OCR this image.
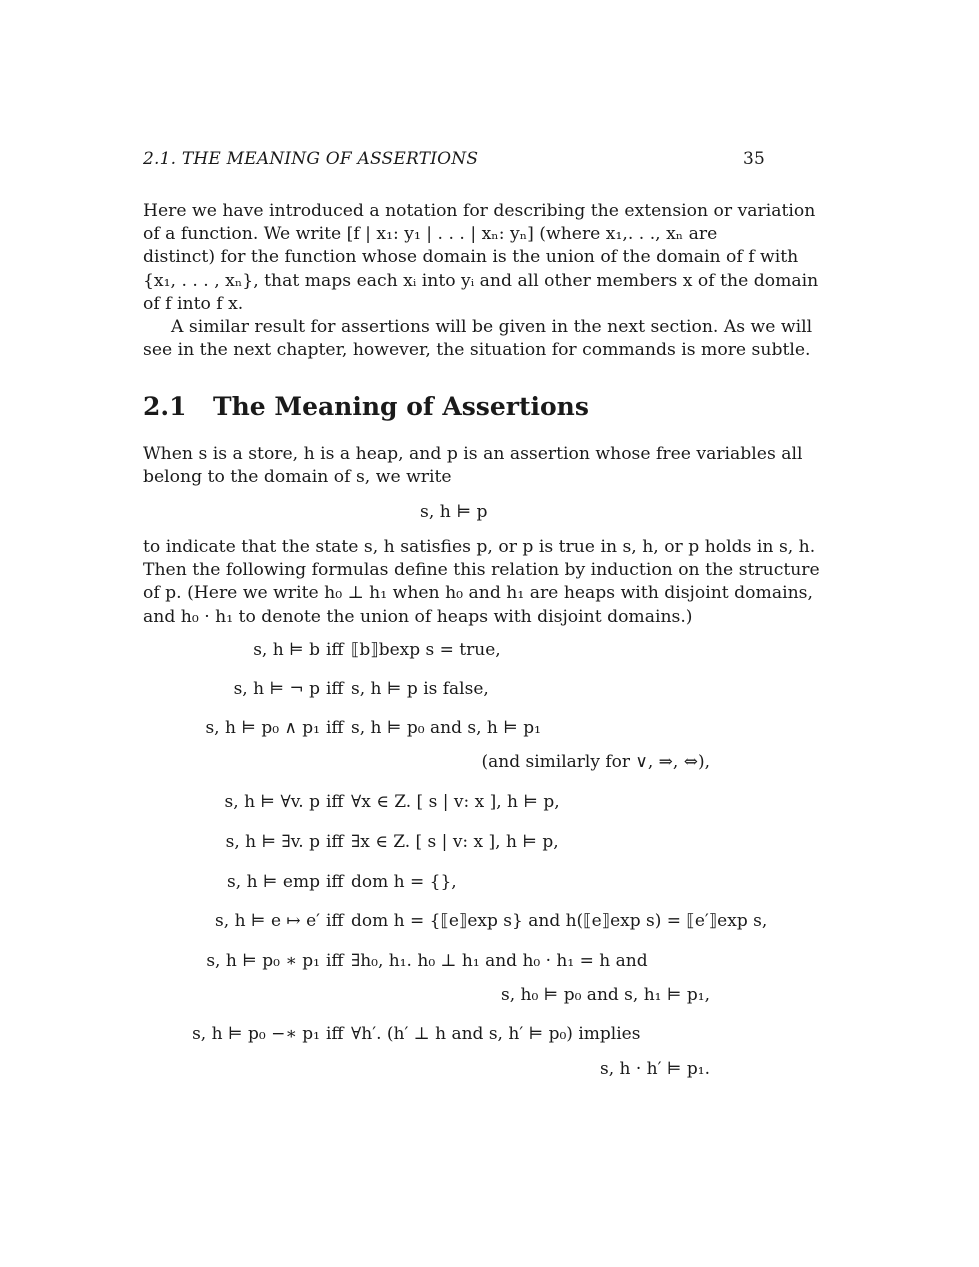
2.1. THE MEANING OF ASSERTIONS	35
Here we have introduced a notation for describing the extension or variation
of a function. We write [f | x₁: y₁ | . . . | xₙ: yₙ] (where x₁,. . ., xₙ are
distinct) for the function whose domain is the union of the domain of f with
{x₁, . . . , xₙ}, that maps each xᵢ into yᵢ and all other members x of the domain
of f into f x.
A similar result for assertions will be given in the next section. As we will
see in the next chapter, however, the situation for commands is more subtle.
2.1 The Meaning of Assertions
When s is a store, h is a heap, and p is an assertion whose free variables all
belong to the domain of s, we write
s, h ⊨ p
to indicate that the state s, h satisfies p, or p is true in s, h, or p holds in s, h.
Then the following formulas define this relation by induction on the structure
of p. (Here we write h₀ ⊥ h₁ when h₀ and h₁ are heaps with disjoint domains,
and h₀ · h₁ to denote the union of heaps with disjoint domains.)
s, h ⊨ b iff ⟦b⟧bexp s = true,
s, h ⊨ ¬ p iff s, h ⊨ p is false,
s, h ⊨ p₀ ∧ p₁ iff s, h ⊨ p₀ and s, h ⊨ p₁
(and similarly for ∨, ⇒, ⇔),
s, h ⊨ ∀v. p iff ∀x ∈ Z. [ s | v: x ], h ⊨ p,
s, h ⊨ ∃v. p iff ∃x ∈ Z. [ s | v: x ], h ⊨ p,
s, h ⊨ emp iff dom h = {},
s, h ⊨ e ↦ e′ iff dom h = {⟦e⟧exp s} and h(⟦e⟧exp s) = ⟦e′⟧exp s,
s, h ⊨ p₀ ∗ p₁ iff ∃h₀, h₁. h₀ ⊥ h₁ and h₀ · h₁ = h and
s, h₀ ⊨ p₀ and s, h₁ ⊨ p₁,
s, h ⊨ p₀ −∗ p₁ iff ∀h′. (h′ ⊥ h and s, h′ ⊨ p₀) implies
s, h · h′ ⊨ p₁.
